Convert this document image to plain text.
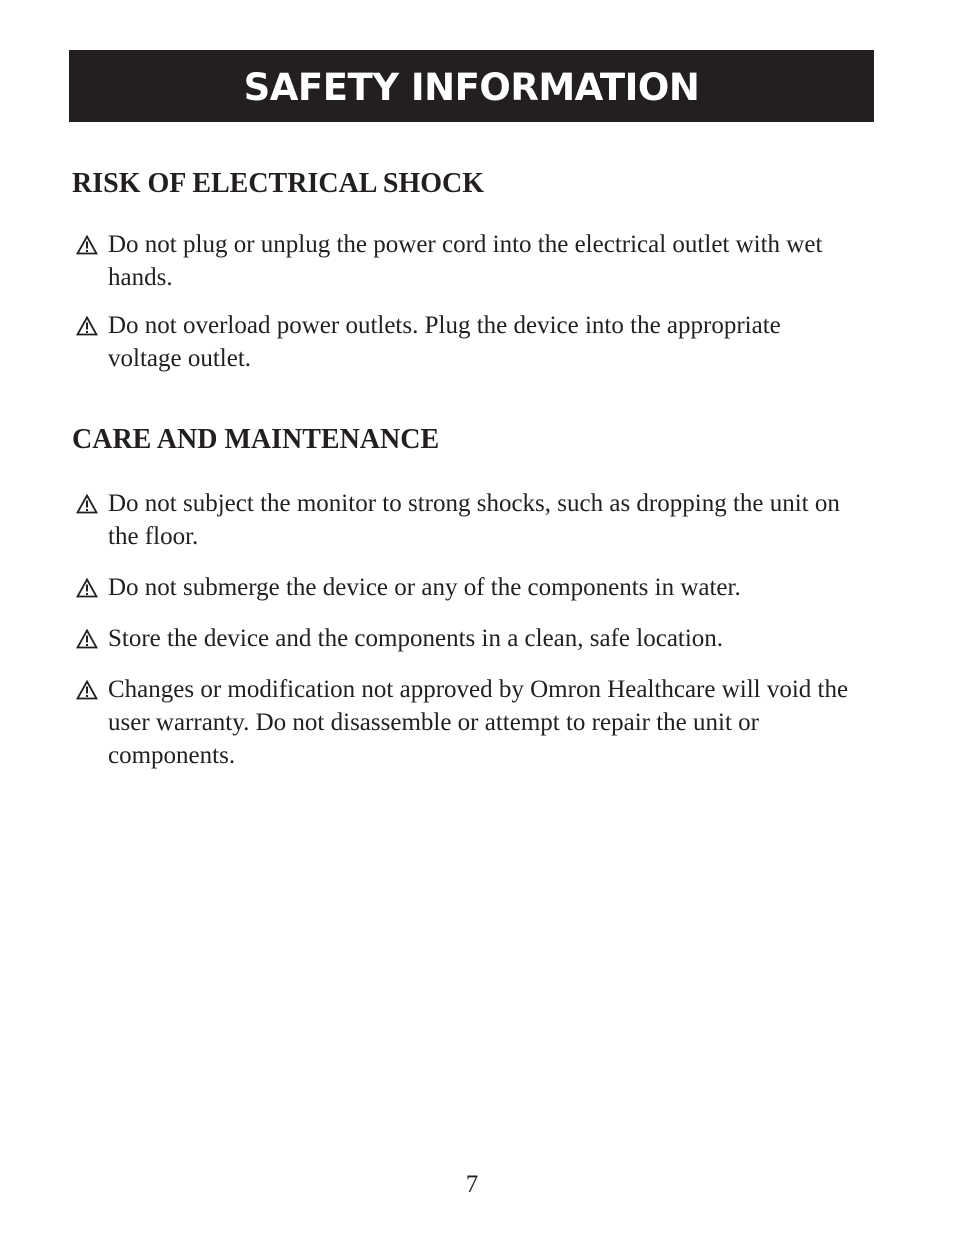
SAFETY INFORMATION
RISK OF ELECTRICAL SHOCK
Do not plug or unplug the power cord into the electrical outlet with wet hands.
Do not overload power outlets. Plug the device into the appropriate voltage outlet.
CARE AND MAINTENANCE
Do not subject the monitor to strong shocks, such as dropping the unit on the floor.
Do not submerge the device or any of the components in water.
Store the device and the components in a clean, safe location.
Changes or modification not approved by Omron Healthcare will void the user warranty. Do not disassemble or attempt to repair the unit or components.
7
